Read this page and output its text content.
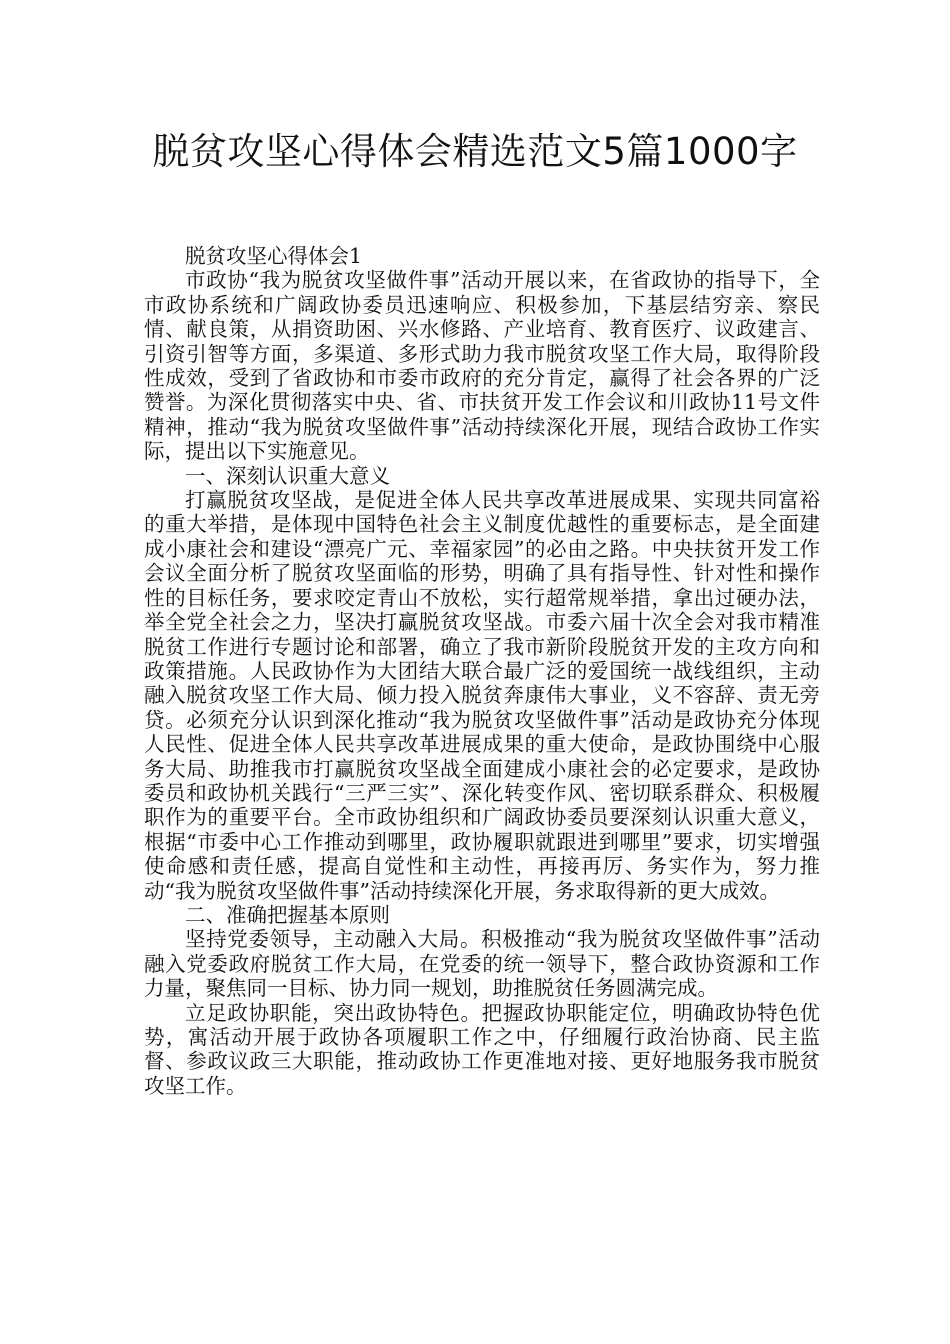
脱贫攻坚心得体会精选范文5篇1000字

脱贫攻坚心得体会1

市政协“我为脱贫攻坚做件事”活动开展以来，在省政协的指导下，全市政协系统和广阔政协委员迅速响应、积极参加，下基层结穷亲、察民情、献良策，从捐资助困、兴水修路、产业培育、教育医疗、议政建言、引资引智等方面，多渠道、多形式助力我市脱贫攻坚工作大局，取得阶段性成效，受到了省政协和市委市政府的充分肯定，赢得了社会各界的广泛赞誉。为深化贯彻落实中央、省、市扶贫开发工作会议和川政协11号文件精神，推动“我为脱贫攻坚做件事”活动持续深化开展，现结合政协工作实际，提出以下实施意见。

一、深刻认识重大意义

打赢脱贫攻坚战，是促进全体人民共享改革进展成果、实现共同富裕的重大举措，是体现中国特色社会主义制度优越性的重要标志，是全面建成小康社会和建设“漂亮广元、幸福家园”的必由之路。中央扶贫开发工作会议全面分析了脱贫攻坚面临的形势，明确了具有指导性、针对性和操作性的目标任务，要求咬定青山不放松，实行超常规举措，拿出过硬办法，举全党全社会之力，坚决打赢脱贫攻坚战。市委六届十次全会对我市精准脱贫工作进行专题讨论和部署，确立了我市新阶段脱贫开发的主攻方向和政策措施。人民政协作为大团结大联合最广泛的爱国统一战线组织，主动融入脱贫攻坚工作大局、倾力投入脱贫奔康伟大事业，义不容辞、责无旁贷。必须充分认识到深化推动“我为脱贫攻坚做件事”活动是政协充分体现人民性、促进全体人民共享改革进展成果的重大使命，是政协围绕中心服务大局、助推我市打赢脱贫攻坚战全面建成小康社会的必定要求，是政协委员和政协机关践行“三严三实”、深化转变作风、密切联系群众、积极履职作为的重要平台。全市政协组织和广阔政协委员要深刻认识重大意义，根据“市委中心工作推动到哪里，政协履职就跟进到哪里”要求，切实增强使命感和责任感，提高自觉性和主动性，再接再厉、务实作为，努力推动“我为脱贫攻坚做件事”活动持续深化开展，务求取得新的更大成效。

二、准确把握基本原则

坚持党委领导，主动融入大局。积极推动“我为脱贫攻坚做件事”活动融入党委政府脱贫工作大局，在党委的统一领导下，整合政协资源和工作力量，聚焦同一目标、协力同一规划，助推脱贫任务圆满完成。

立足政协职能，突出政协特色。把握政协职能定位，明确政协特色优势，寓活动开展于政协各项履职工作之中，仔细履行政治协商、民主监督、参政议政三大职能，推动政协工作更准地对接、更好地服务我市脱贫攻坚工作。
